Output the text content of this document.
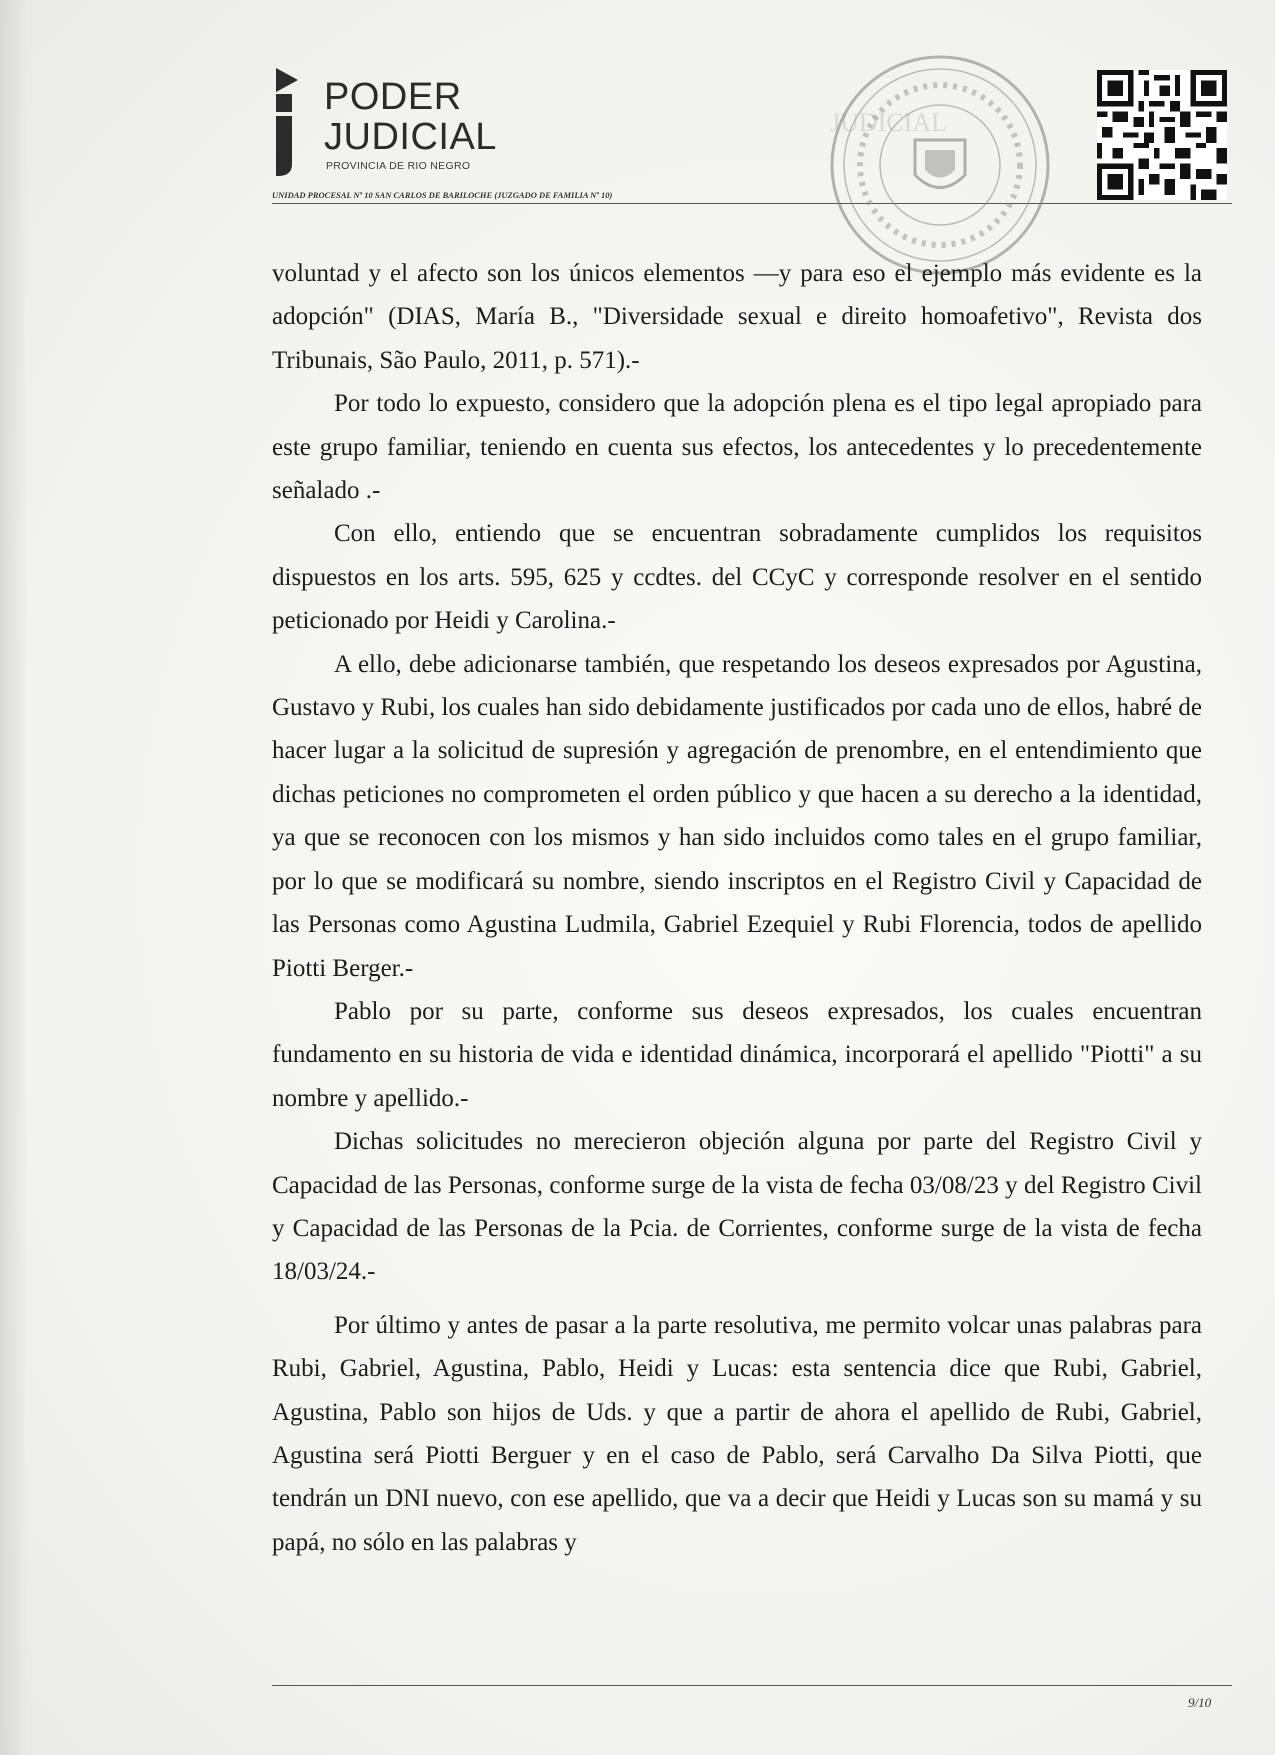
JUDICIAL
PODER
JUDICIAL
PROVINCIA DE RIO NEGRO
UNIDAD PROCESAL Nº 10 SAN CARLOS DE BARILOCHE (JUZGADO DE FAMILIA Nº 10)

voluntad y el afecto son los únicos elementos —y para eso el ejemplo más evidente es la adopción" (DIAS, María B., "Diversidade sexual e direito homoafetivo", Revista dos Tribunais, São Paulo, 2011, p. 571).-

Por todo lo expuesto, considero que la adopción plena es el tipo legal apropiado para este grupo familiar, teniendo en cuenta sus efectos, los antecedentes y lo precedentemente señalado .-

Con ello, entiendo que se encuentran sobradamente cumplidos los requisitos dispuestos en los arts. 595, 625 y ccdtes. del CCyC y corresponde resolver en el sentido peticionado por Heidi y Carolina.-

A ello, debe adicionarse también, que respetando los deseos expresados por Agustina, Gustavo y Rubi, los cuales han sido debidamente justificados por cada uno de ellos, habré de hacer lugar a la solicitud de supresión y agregación de prenombre, en el entendimiento que dichas peticiones no comprometen el orden público y que hacen a su derecho a la identidad, ya que se reconocen con los mismos y han sido incluidos como tales en el grupo familiar, por lo que se modificará su nombre, siendo inscriptos en el Registro Civil y Capacidad de las Personas como Agustina Ludmila, Gabriel Ezequiel y Rubi Florencia, todos de apellido Piotti Berger.-

Pablo por su parte, conforme sus deseos expresados, los cuales encuentran fundamento en su historia de vida e identidad dinámica, incorporará el apellido "Piotti" a su nombre y apellido.-

Dichas solicitudes no merecieron objeción alguna por parte del Registro Civil y Capacidad de las Personas, conforme surge de la vista de fecha 03/08/23 y del Registro Civil y Capacidad de las Personas de la Pcia. de Corrientes, conforme surge de la vista de fecha 18/03/24.-

Por último y antes de pasar a la parte resolutiva, me permito volcar unas palabras para Rubi, Gabriel, Agustina, Pablo, Heidi y Lucas: esta sentencia dice que Rubi, Gabriel, Agustina, Pablo son hijos de Uds. y que a partir de ahora el apellido de Rubi, Gabriel, Agustina será Piotti Berguer y en el caso de Pablo, será Carvalho Da Silva Piotti, que tendrán un DNI nuevo, con ese apellido, que va a decir que Heidi y Lucas son su mamá y su papá, no sólo en las palabras y

9/10
